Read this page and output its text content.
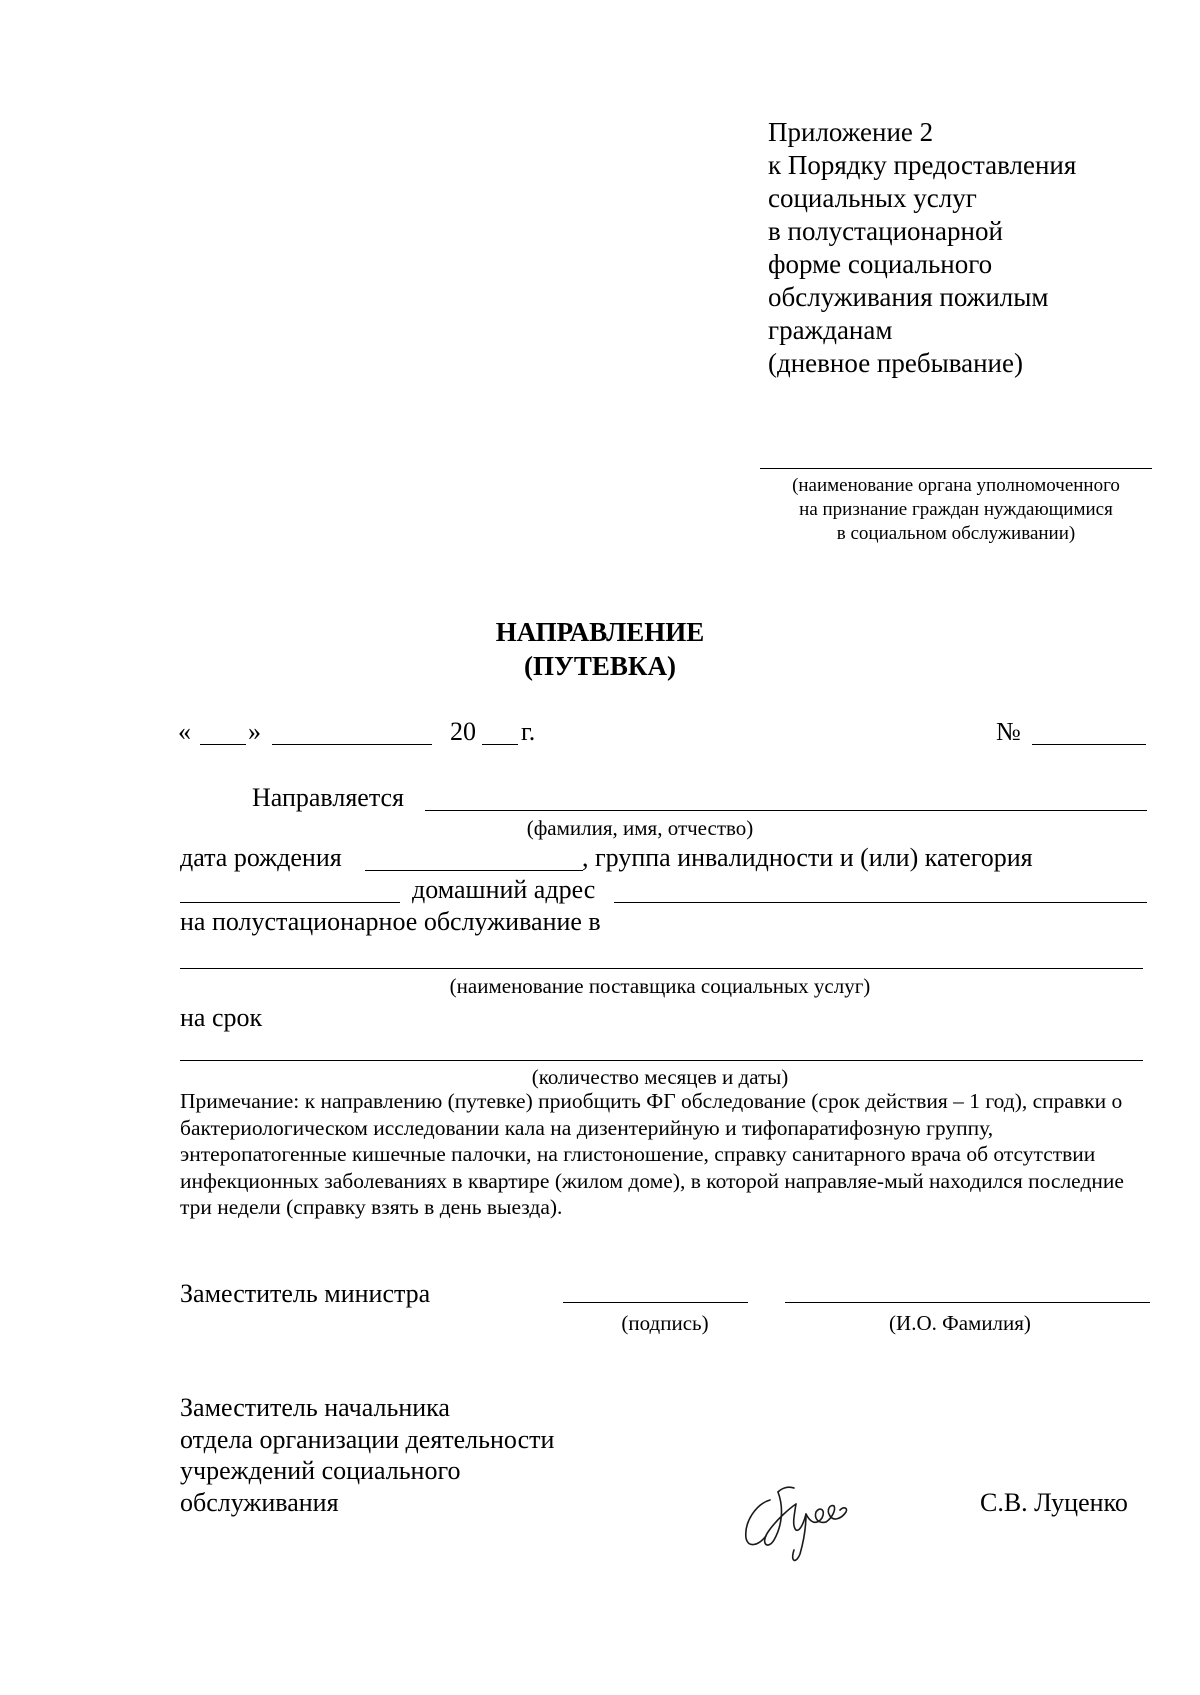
Приложение 2
к Порядку предоставления
социальных услуг
в полустационарной
форме социального
обслуживания пожилым
гражданам
(дневное пребывание)
(наименование органа уполномоченного
на признание граждан нуждающимися
в социальном обслуживании)
НАПРАВЛЕНИЕ
(ПУТЕВКА)
« »	20 г.	№
Направляется
(фамилия, имя, отчество)
дата рождения	, группа инвалидности и (или) категория
домашний адрес
на полустационарное обслуживание в
(наименование поставщика социальных услуг)
на срок
(количество месяцев и даты)
Примечание: к направлению (путевке) приобщить ФГ обследование (срок действия – 1 год), справки о бактериологическом исследовании кала на дизентерийную и тифопаратифозную группу, энтеропатогенные кишечные палочки, на глистоношение, справку санитарного врача об отсутствии инфекционных заболеваниях в квартире (жилом доме), в которой направляе-мый находился последние три недели (справку взять в день выезда).
Заместитель министра
(подпись)	(И.О. Фамилия)
Заместитель начальника
отдела организации деятельности
учреждений социального
обслуживания	С.В. Луценко
